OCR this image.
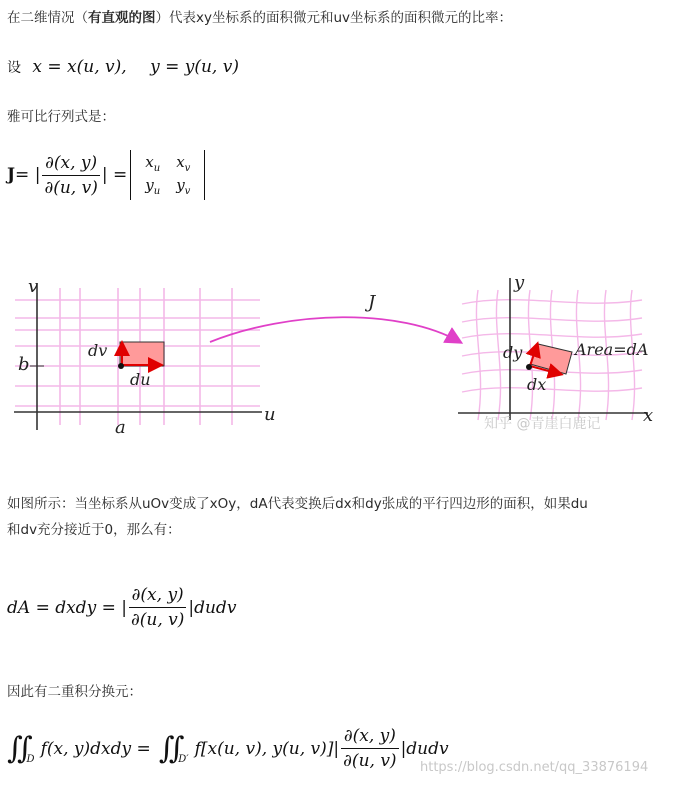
在二维情况（有直观的图）代表xy坐标系的面积微元和uv坐标系的面积微元的比率：
设 x = x(u, v), y = y(u, v)
雅可比行列式是：
J = | $\frac{\partial(x, y)}{\partial(u, v)}$ | =
$x_u$	$x_v$
$y_u$	$y_v$
v
u
b
a
dv
du
J
y
x
dy
dx
Area=dA
知乎 @青崖白鹿记
如图所示：当坐标系从uOv变成了xOy，dA代表变换后dx和dy张成的平行四边形的面积，如果du
和dv充分接近于0，那么有：
dA = dxdy = | $\frac{\partial(x, y)}{\partial(u, v)}$ |dudv
因此有二重积分换元：
∬ D
f(x, y)dxdy = ∬ D′
f[x(u, v), y(u, $v)]| \frac{\partial(x, y)}{\partial(u, v)}$ |dudv
https://blog.csdn.net/qq_33876194
